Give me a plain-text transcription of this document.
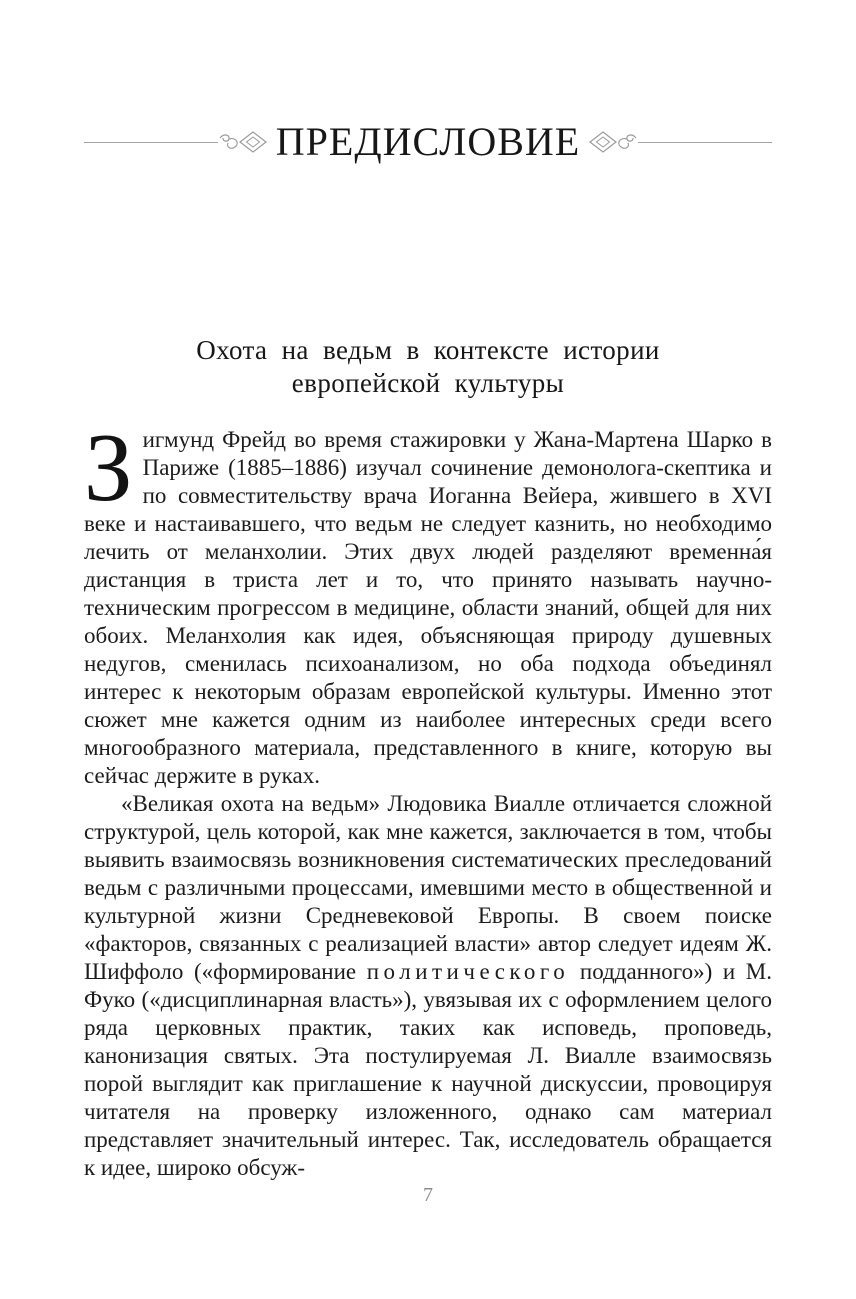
ПРЕДИСЛОВИЕ
Охота на ведьм в контексте истории
европейской культуры

Зигмунд Фрейд во время стажировки у Жана-Мартена Шарко в Париже (1885–1886) изучал сочинение демонолога-скептика и по совместительству врача Иоганна Вейера, жившего в XVI веке и настаивавшего, что ведьм не следует казнить, но необходимо лечить от меланхолии. Этих двух людей разделяют временна́я дистанция в триста лет и то, что принято называть научно-техническим прогрессом в медицине, области знаний, общей для них обоих. Меланхолия как идея, объясняющая природу душевных недугов, сменилась психоанализом, но оба подхода объединял интерес к некоторым образам европейской культуры. Именно этот сюжет мне кажется одним из наиболее интересных среди всего многообразного материала, представленного в книге, которую вы сейчас держите в руках.

«Великая охота на ведьм» Людовика Виалле отличается сложной структурой, цель которой, как мне кажется, заключается в том, чтобы выявить взаимосвязь возникновения систематических преследований ведьм с различными процессами, имевшими место в общественной и культурной жизни Средневековой Европы. В своем поиске «факторов, связанных с реализацией власти» автор следует идеям Ж. Шиффоло («формирование политического подданного») и М. Фуко («дисциплинарная власть»), увязывая их с оформлением целого ряда церковных практик, таких как исповедь, проповедь, канонизация святых. Эта постулируемая Л. Виалле взаимосвязь порой выглядит как приглашение к научной дискуссии, провоцируя читателя на проверку изложенного, однако сам материал представляет значительный интерес. Так, исследователь обращается к идее, широко обсуж-

7
